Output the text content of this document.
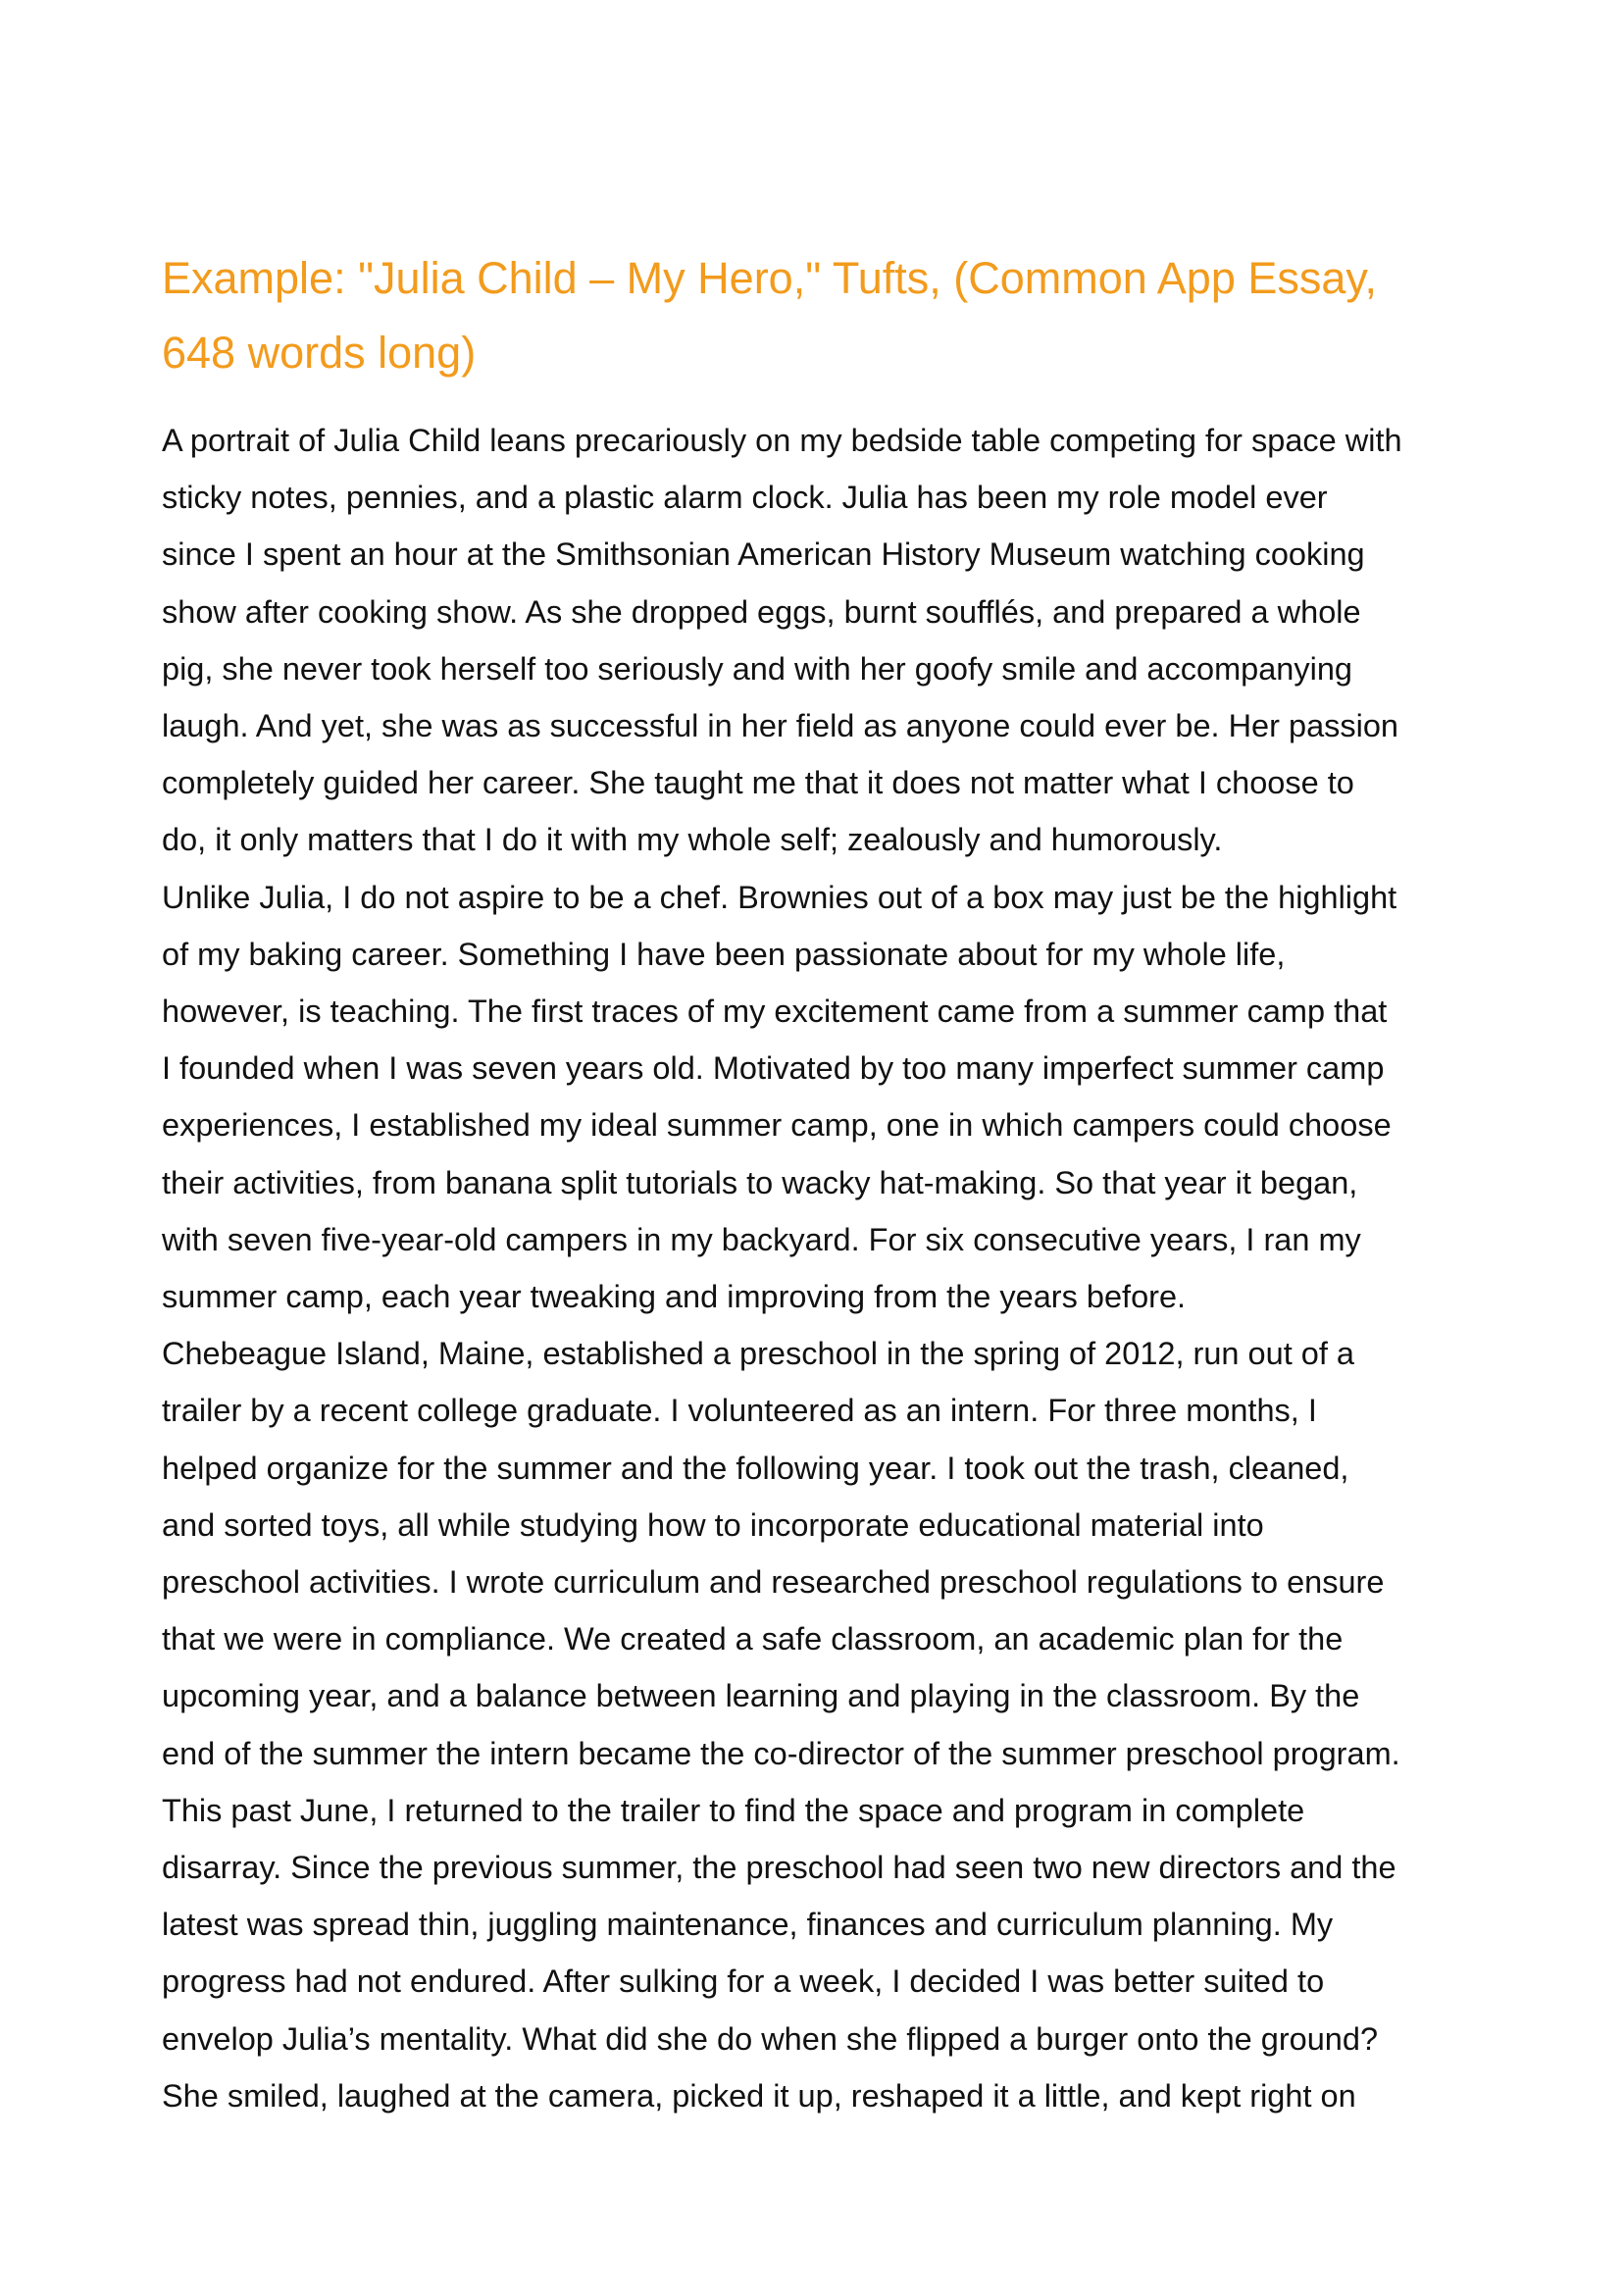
Example: "Julia Child – My Hero," Tufts, (Common App Essay,
648 words long)
A portrait of Julia Child leans precariously on my bedside table competing for space with
sticky notes, pennies, and a plastic alarm clock. Julia has been my role model ever
since I spent an hour at the Smithsonian American History Museum watching cooking
show after cooking show. As she dropped eggs, burnt soufflés, and prepared a whole
pig, she never took herself too seriously and with her goofy smile and accompanying
laugh. And yet, she was as successful in her field as anyone could ever be. Her passion
completely guided her career. She taught me that it does not matter what I choose to
do, it only matters that I do it with my whole self; zealously and humorously.
Unlike Julia, I do not aspire to be a chef. Brownies out of a box may just be the highlight
of my baking career. Something I have been passionate about for my whole life,
however, is teaching. The first traces of my excitement came from a summer camp that
I founded when I was seven years old. Motivated by too many imperfect summer camp
experiences, I established my ideal summer camp, one in which campers could choose
their activities, from banana split tutorials to wacky hat-making. So that year it began,
with seven five-year-old campers in my backyard. For six consecutive years, I ran my
summer camp, each year tweaking and improving from the years before.
Chebeague Island, Maine, established a preschool in the spring of 2012, run out of a
trailer by a recent college graduate. I volunteered as an intern. For three months, I
helped organize for the summer and the following year. I took out the trash, cleaned,
and sorted toys, all while studying how to incorporate educational material into
preschool activities. I wrote curriculum and researched preschool regulations to ensure
that we were in compliance. We created a safe classroom, an academic plan for the
upcoming year, and a balance between learning and playing in the classroom. By the
end of the summer the intern became the co-director of the summer preschool program.
This past June, I returned to the trailer to find the space and program in complete
disarray. Since the previous summer, the preschool had seen two new directors and the
latest was spread thin, juggling maintenance, finances and curriculum planning. My
progress had not endured. After sulking for a week, I decided I was better suited to
envelop Julia’s mentality. What did she do when she flipped a burger onto the ground?
She smiled, laughed at the camera, picked it up, reshaped it a little, and kept right on
